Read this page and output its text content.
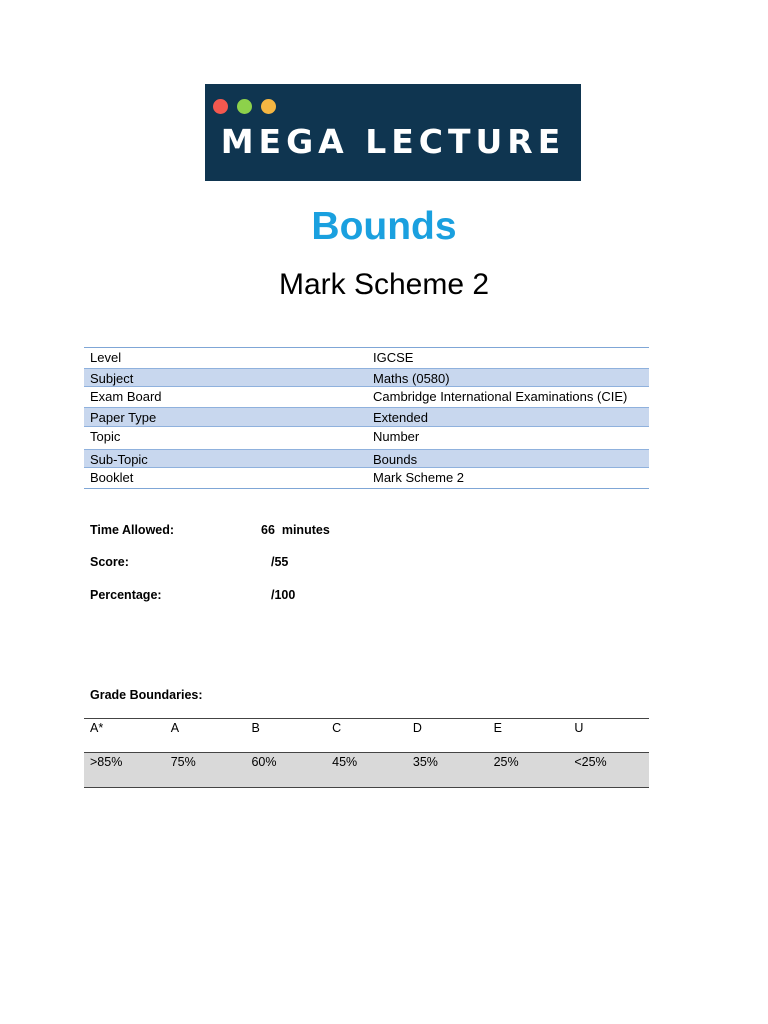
MEGA LECTURE
Bounds
Mark Scheme 2
Level	IGCSE
Subject	Maths (0580)
Exam Board	Cambridge International Examinations (CIE)
Paper Type	Extended
Topic	Number
Sub-Topic	Bounds
Booklet	Mark Scheme 2
Time Allowed:	66  minutes
Score:	/55
Percentage:	/100
Grade Boundaries:
A*	A	B	C	D	E	U
>85%	75%	60%	45%	35%	25%	<25%
